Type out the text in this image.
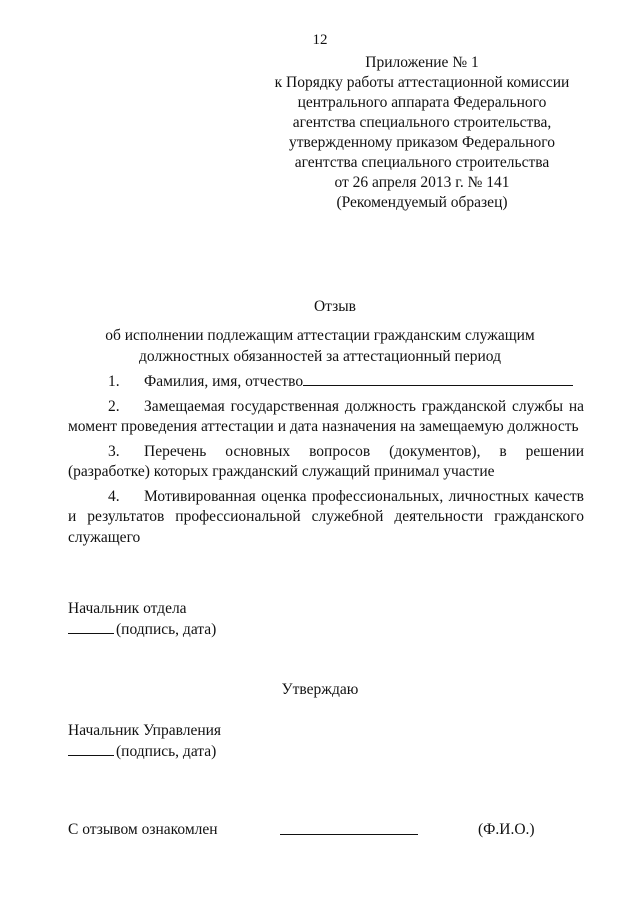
12
Приложение № 1
к Порядку работы аттестационной комиссии
центрального аппарата Федерального
агентства специального строительства,
утвержденному приказом Федерального
агентства специального строительства
от 26 апреля 2013 г. № 141
(Рекомендуемый образец)
Отзыв
об исполнении подлежащим аттестации гражданским служащим
должностных обязанностей за аттестационный период
1. Фамилия, имя, отчество
2. Замещаемая государственная должность гражданской службы на момент проведения аттестации и дата назначения на замещаемую должность
3. Перечень основных вопросов (документов), в решении (разработке) которых гражданский служащий принимал участие
4. Мотивированная оценка профессиональных, личностных качеств и результатов профессиональной служебной деятельности гражданского служащего
Начальник отдела
(подпись, дата)
Утверждаю
Начальник Управления
(подпись, дата)
С отзывом ознакомлен	(Ф.И.О.)
